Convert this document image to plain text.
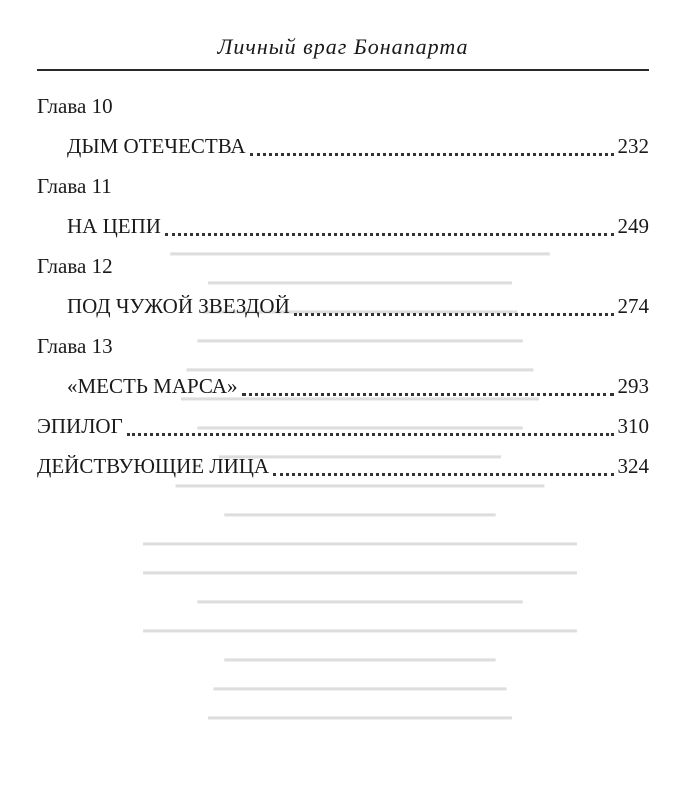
Личный враг Бонапарта
━━━━━━━━━━━━━━━━━━━━━━━━━━━━━━━━━━━
━━━━━━━━━━━━━━━━━━━━━━━━━━━━
━━━━━━━━━━━━━━━━━━━━━━━━━━━━━
━━━━━━━━━━━━━━━━━━━━━━━━━━━━━━
━━━━━━━━━━━━━━━━━━━━━━━━━━━━━━━━
━━━━━━━━━━━━━━━━━━━━━━━━━━━━━━━━━
━━━━━━━━━━━━━━━━━━━━━━━━━━━━━━
━━━━━━━━━━━━━━━━━━━━━━━━━━
━━━━━━━━━━━━━━━━━━━━━━━━━━━━━━━━━━
━━━━━━━━━━━━━━━━━━━━━━━━━
━━━━━━━━━━━━━━━━━━━━━━━━━━━━━━━━━━━━━━━━
━━━━━━━━━━━━━━━━━━━━━━━━━━━━━━━━━━━━━━━━
━━━━━━━━━━━━━━━━━━━━━━━━━━━━━━
━━━━━━━━━━━━━━━━━━━━━━━━━━━━━━━━━━━━━━━━
━━━━━━━━━━━━━━━━━━━━━━━━━
━━━━━━━━━━━━━━━━━━━━━━━━━━━
━━━━━━━━━━━━━━━━━━━━━━━━━━━━
Глава 10
ДЫМ ОТЕЧЕСТВА	232
Глава 11
НА ЦЕПИ	249
Глава 12
ПОД ЧУЖОЙ ЗВЕЗДОЙ	274
Глава 13
«МЕСТЬ МАРСА»	293
ЭПИЛОГ	310
ДЕЙСТВУЮЩИЕ ЛИЦА	324
